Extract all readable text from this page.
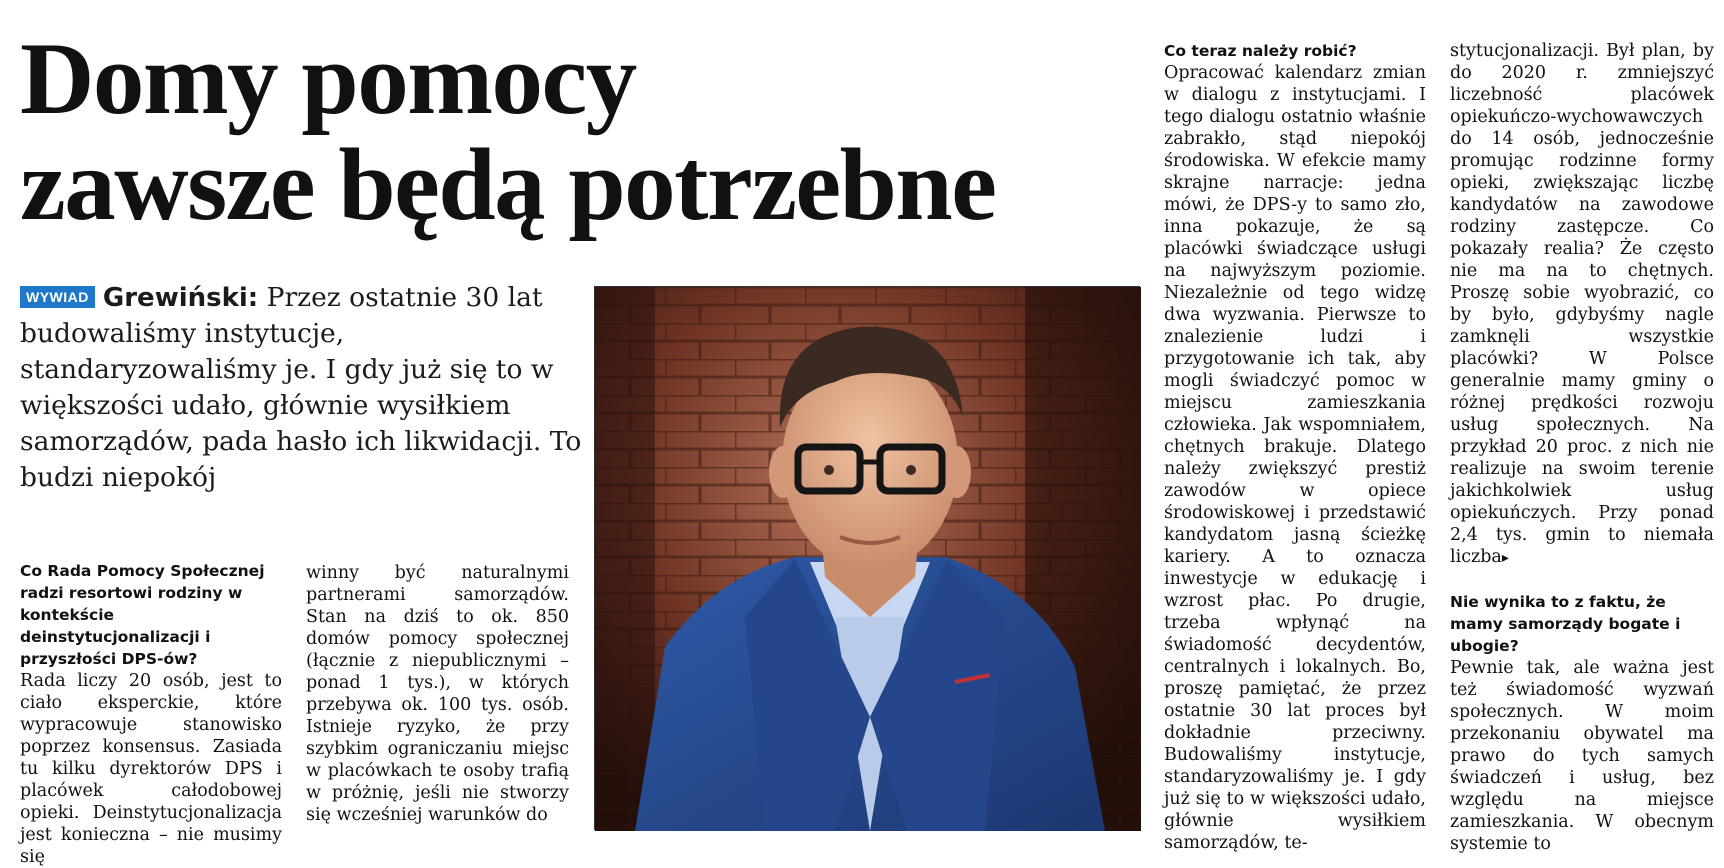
Domy pomocy
zawsze będą potrzebne
WYWIAD Grewiński: Przez ostatnie 30 lat budowaliśmy instytucje, standaryzowaliśmy je. I gdy już się to w większości udało, głównie wysiłkiem samorządów, pada hasło ich likwidacji. To budzi niepokój

Co Rada Pomocy Społecznej radzi resortowi rodziny w kontekście deinstytucjonalizacji i przyszłości DPS-ów?

Rada liczy 20 osób, jest to ciało eksperckie, które wypracowuje stanowisko poprzez konsensus. Zasiada tu kilku dyrektorów DPS i placówek całodobowej opieki. Deinstytucjonalizacja jest konieczna – nie musimy się

winny być naturalnymi partnerami samorządów. Stan na dziś to ok. 850 domów pomocy społecznej (łącznie z niepublicznymi – ponad 1 tys.), w których przebywa ok. 100 tys. osób. Istnieje ryzyko, że przy szybkim ograniczaniu miejsc w placówkach te osoby trafią w próżnię, jeśli nie stworzy się wcześniej warunków do

Co teraz należy robić?

Opracować kalendarz zmian w dialogu z instytucjami. I tego dialogu ostatnio właśnie zabrakło, stąd niepokój środowiska. W efekcie mamy skrajne narracje: jedna mówi, że DPS-y to samo zło, inna pokazuje, że są placówki świadczące usługi na najwyższym poziomie. Niezależnie od tego widzę dwa wyzwania. Pierwsze to znalezienie ludzi i przygotowanie ich tak, aby mogli świadczyć pomoc w miejscu zamieszkania człowieka. Jak wspomniałem, chętnych brakuje. Dlatego należy zwiększyć prestiż zawodów w opiece środowiskowej i przedstawić kandydatom jasną ścieżkę kariery. A to oznacza inwestycje w edukację i wzrost płac. Po drugie, trzeba wpłynąć na świadomość decydentów, centralnych i lokalnych. Bo, proszę pamiętać, że przez ostatnie 30 lat proces był dokładnie przeciwny. Budowaliśmy instytucje, standaryzowaliśmy je. I gdy już się to w większości udało, głównie wysiłkiem samorządów, te-

stytucjonalizacji. Był plan, by do 2020 r. zmniejszyć liczebność placówek opiekuńczo-wychowawczych do 14 osób, jednocześnie promując rodzinne formy opieki, zwiększając liczbę kandydatów na zawodowe rodziny zastępcze. Co pokazały realia? Że często nie ma na to chętnych. Proszę sobie wyobrazić, co by było, gdybyśmy nagle zamknęli wszystkie placówki? W Polsce generalnie mamy gminy o różnej prędkości rozwoju usług społecznych. Na przykład 20 proc. z nich nie realizuje na swoim terenie jakichkolwiek usług opiekuńczych. Przy ponad 2,4 tys. gmin to niemała liczba▸

Nie wynika to z faktu, że mamy samorządy bogate i ubogie?

Pewnie tak, ale ważna jest też świadomość wyzwań społecznych. W moim przekonaniu obywatel ma prawo do tych samych świadczeń i usług, bez względu na miejsce zamieszkania. W obecnym systemie to
